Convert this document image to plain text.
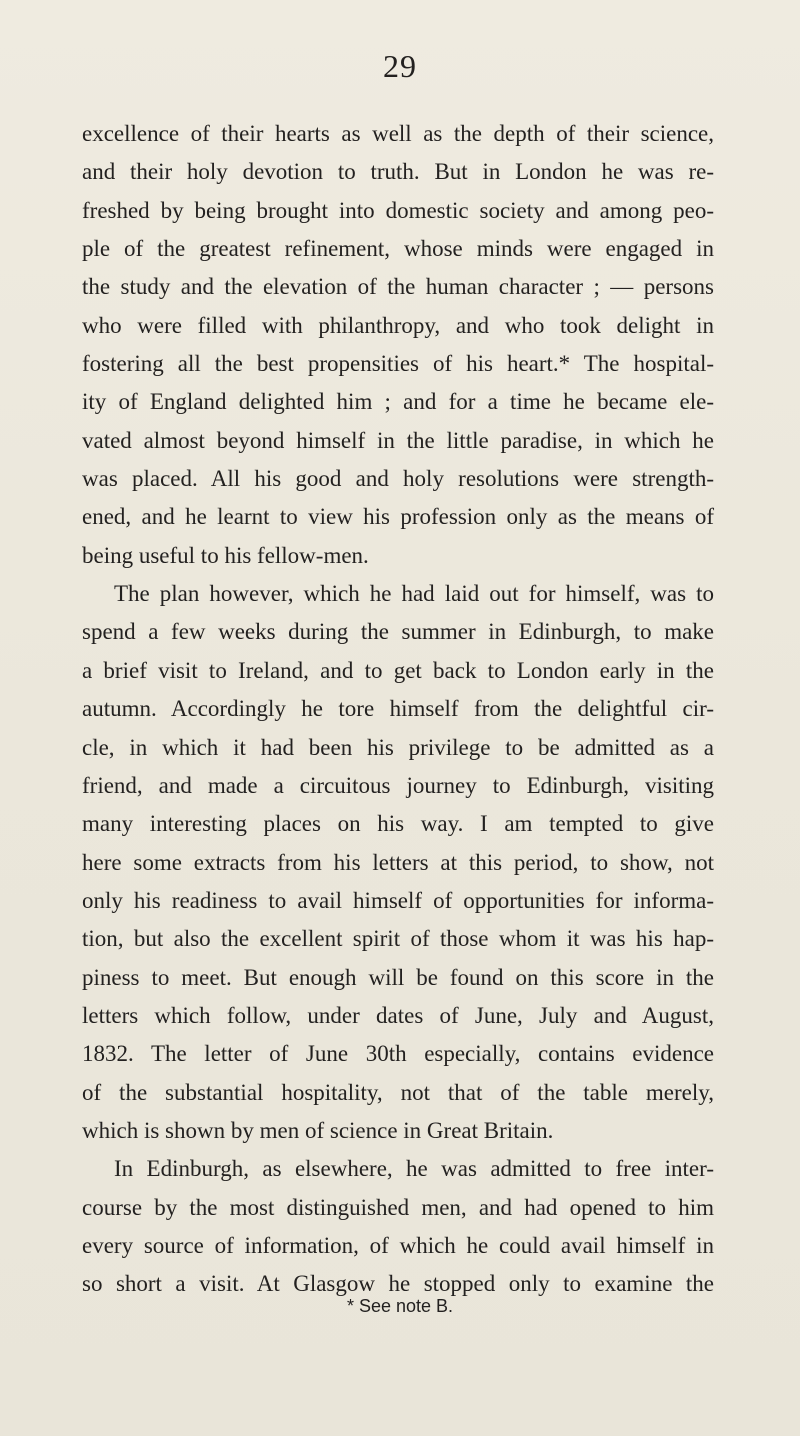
29
excellence of their hearts as well as the depth of their science,
and their holy devotion to truth. But in London he was re-
freshed by being brought into domestic society and among peo-
ple of the greatest refinement, whose minds were engaged in
the study and the elevation of the human character ; — persons
who were filled with philanthropy, and who took delight in
fostering all the best propensities of his heart.* The hospital-
ity of England delighted him ; and for a time he became ele-
vated almost beyond himself in the little paradise, in which he
was placed. All his good and holy resolutions were strength-
ened, and he learnt to view his profession only as the means of
being useful to his fellow-men.
The plan however, which he had laid out for himself, was to
spend a few weeks during the summer in Edinburgh, to make
a brief visit to Ireland, and to get back to London early in the
autumn. Accordingly he tore himself from the delightful cir-
cle, in which it had been his privilege to be admitted as a
friend, and made a circuitous journey to Edinburgh, visiting
many interesting places on his way. I am tempted to give
here some extracts from his letters at this period, to show, not
only his readiness to avail himself of opportunities for informa-
tion, but also the excellent spirit of those whom it was his hap-
piness to meet. But enough will be found on this score in the
letters which follow, under dates of June, July and August,
1832. The letter of June 30th especially, contains evidence
of the substantial hospitality, not that of the table merely,
which is shown by men of science in Great Britain.
In Edinburgh, as elsewhere, he was admitted to free inter-
course by the most distinguished men, and had opened to him
every source of information, of which he could avail himself in
so short a visit. At Glasgow he stopped only to examine the
* See note B.
